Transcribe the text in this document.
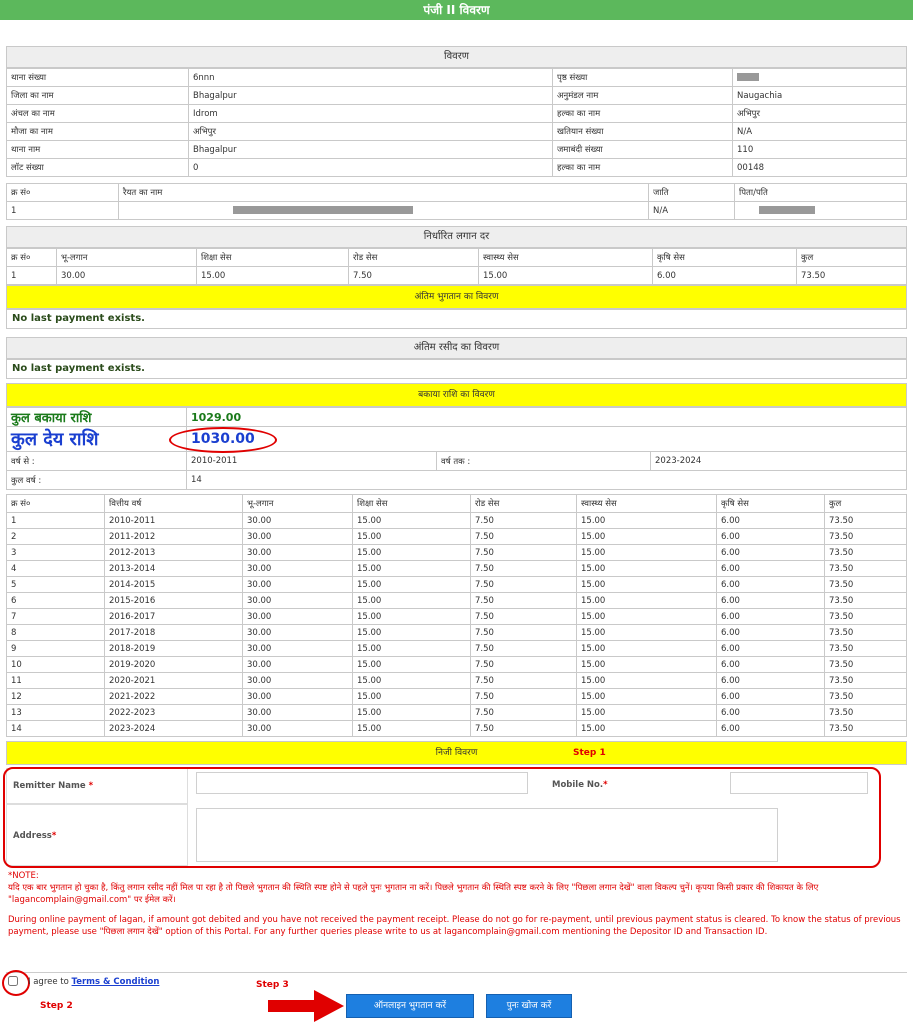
पंजी II विवरण
विवरण
थाना संख्या	6nnn	पृष्ठ संख्या	
जिला का नाम	Bhagalpur	अनुमंडल नाम	Naugachia
अंचल का नाम	Idrom	हल्का का नाम	अभिपुर
मौजा का नाम	अभिपुर	खतियान संख्या	N/A
थाना नाम	Bhagalpur	जमाबंदी संख्या	110
लॉट संख्या	0	हल्का का नाम	00148
क्र सं०	रैयत का नाम	जाति	पिता/पति
1		N/A	
निर्धारित लगान दर
क्र सं०	भू-लगान	शिक्षा सेस	रोड सेस	स्वास्थ्य सेस	कृषि सेस	कुल
1	30.00	15.00	7.50	15.00	6.00	73.50
अंतिम भुगतान का विवरण
No last payment exists.
अंतिम रसीद का विवरण
No last payment exists.
बकाया राशि का विवरण
कुल बकाया राशि	1029.00		
कुल देय राशि	1030.00		
वर्ष से :	2010-2011	वर्ष तक :	2023-2024
कुल वर्ष :	14		
क्र सं०	वित्तीय वर्ष	भू-लगान	शिक्षा सेस	रोड सेस	स्वास्थ्य सेस	कृषि सेस	कुल
1	2010-2011	30.00	15.00	7.50	15.00	6.00	73.50
2	2011-2012	30.00	15.00	7.50	15.00	6.00	73.50
3	2012-2013	30.00	15.00	7.50	15.00	6.00	73.50
4	2013-2014	30.00	15.00	7.50	15.00	6.00	73.50
5	2014-2015	30.00	15.00	7.50	15.00	6.00	73.50
6	2015-2016	30.00	15.00	7.50	15.00	6.00	73.50
7	2016-2017	30.00	15.00	7.50	15.00	6.00	73.50
8	2017-2018	30.00	15.00	7.50	15.00	6.00	73.50
9	2018-2019	30.00	15.00	7.50	15.00	6.00	73.50
10	2019-2020	30.00	15.00	7.50	15.00	6.00	73.50
11	2020-2021	30.00	15.00	7.50	15.00	6.00	73.50
12	2021-2022	30.00	15.00	7.50	15.00	6.00	73.50
13	2022-2023	30.00	15.00	7.50	15.00	6.00	73.50
14	2023-2024	30.00	15.00	7.50	15.00	6.00	73.50
निजी विवरण	Step 1
Remitter Name *	Mobile No.*
Address*
*NOTE:
यदि एक बार भुगतान हो चुका है, किंतु लगान रसीद नहीं मिल पा रहा है तो पिछले भुगतान की स्थिति स्पष्ट होने से पहले पुनः भुगतान ना करें। पिछले भुगतान की स्थिति स्पष्ट करने के लिए "पिछला लगान देखें" वाला विकल्प चुनें। कृपया किसी प्रकार की शिकायत के लिए "lagancomplain@gmail.com" पर ईमेल करें।
During online payment of lagan, if amount got debited and you have not received the payment receipt. Please do not go for re-payment, until previous payment status is cleared. To know the status of previous payment, please use "पिछला लगान देखें" option of this Portal. For any further queries please write to us at lagancomplain@gmail.com mentioning the Depositor ID and Transaction ID.
I agree to Terms & Condition
Step 2
Step 3
ऑनलाइन भुगतान करें	पुनः खोज करें
